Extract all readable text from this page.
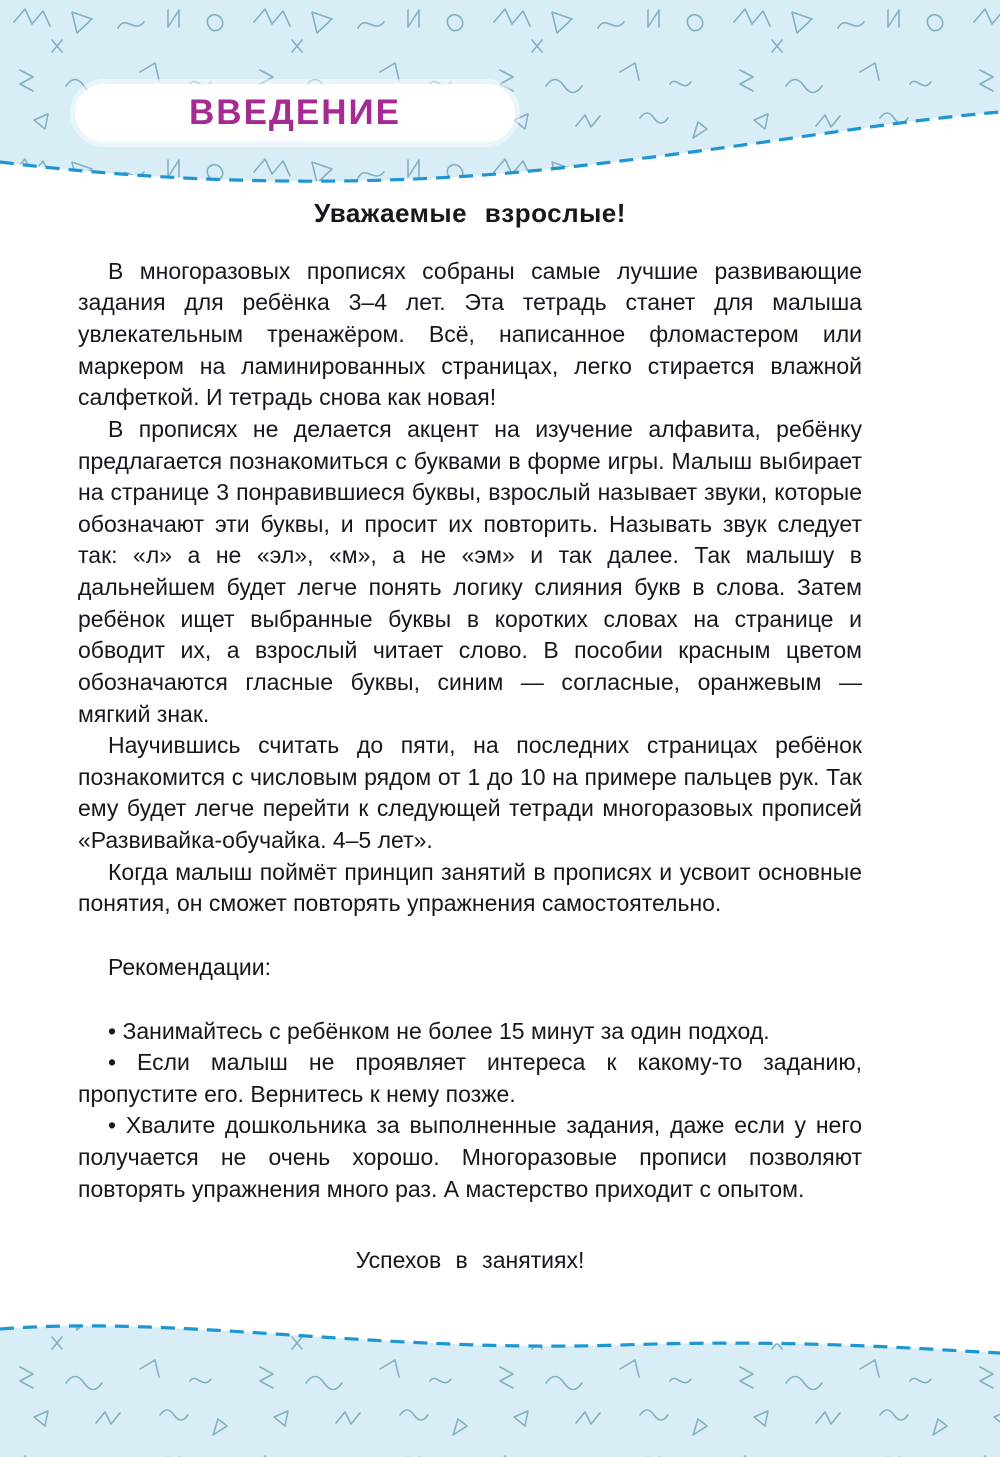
ВВЕДЕНИЕ
Уважаемые взрослые!

В многоразовых прописях собраны самые лучшие развивающие задания для ребёнка 3–4 лет. Эта тетрадь станет для малыша увлекательным тренажёром. Всё, написанное фломастером или маркером на ламинированных страницах, легко стирается влажной салфеткой. И тетрадь снова как новая!

В прописях не делается акцент на изучение алфавита, ребёнку предлагается познакомиться с буквами в форме игры. Малыш выбирает на странице 3 понравившиеся буквы, взрослый называет звуки, которые обозначают эти буквы, и просит их повторить. Называть звук следует так: «л» а не «эл», «м», а не «эм» и так далее. Так малышу в дальнейшем будет легче понять логику слияния букв в слова. Затем ребёнок ищет выбранные буквы в коротких словах на странице и обводит их, а взрослый читает слово. В пособии красным цветом обозначаются гласные буквы, синим — согласные, оранжевым — мягкий знак.

Научившись считать до пяти, на последних страницах ребёнок познакомится с числовым рядом от 1 до 10 на примере пальцев рук. Так ему будет легче перейти к следующей тетради многоразовых прописей «Развивайка-обучайка. 4–5 лет».

Когда малыш поймёт принцип занятий в прописях и усвоит основные понятия, он сможет повторять упражнения самостоятельно.

Рекомендации:

• Занимайтесь с ребёнком не более 15 минут за один подход.

• Если малыш не проявляет интереса к какому-то заданию, пропустите его. Вернитесь к нему позже.

• Хвалите дошкольника за выполненные задания, даже если у него получается не очень хорошо. Многоразовые прописи позволяют повторять упражнения много раз. А мастерство приходит с опытом.

Успехов в занятиях!
